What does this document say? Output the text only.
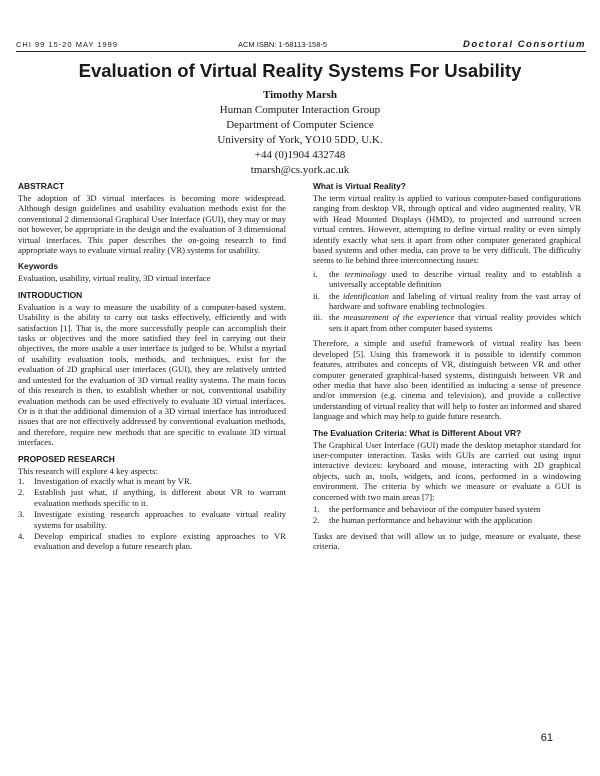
CHI 99 15-20 MAY 1999	ACM ISBN: 1-58113-158-5	Doctoral Consortium
Evaluation of Virtual Reality Systems For Usability
Timothy Marsh
Human Computer Interaction Group
Department of Computer Science
University of York, YO10 5DD, U.K.
+44 (0)1904 432748
tmarsh@cs.york.ac.uk
ABSTRACT

The adoption of 3D virtual interfaces is becoming more widespread. Although design guidelines and usability evaluation methods exist for the conventional 2 dimensional Graphical User Interface (GUI), they may or may not however, be appropriate in the design and the evaluation of 3 dimensional virtual interfaces. This paper describes the on-going research to find appropriate ways to evaluate virtual reality (VR) systems for usability.

Keywords

Evaluation, usability, virtual reality, 3D virtual interface

INTRODUCTION

Evaluation is a way to measure the usability of a computer-based system. Usability is the ability to carry out tasks effectively, efficiently and with satisfaction [1]. That is, the more successfully people can accomplish their tasks or objectives and the more satisfied they feel in carrying out their objectives, the more usable a user interface is judged to be. Whilst a myriad of usability evaluation tools, methods, and techniques, exist for the evaluation of 2D graphical user interfaces (GUI), they are relatively untried and untested for the evaluation of 3D virtual reality systems. The main focus of this research is then, to establish whether or not, conventional usability evaluation methods can be used effectively to evaluate 3D virtual interfaces. Or is it that the additional dimension of a 3D virtual interface has introduced issues that are not effectively addressed by conventional evaluation methods, and therefore, require new methods that are specific to evaluate 3D virtual interfaces.

PROPOSED RESEARCH
This research will explore 4 key aspects:
1. Investigation of exactly what is meant by VR.
2. Establish just what, if anything, is different about VR to warrant evaluation methods specific to it.
3. Investigate existing research approaches to evaluate virtual reality systems for usability.
4. Develop empirical studies to explore existing approaches to VR evaluation and develop a future research plan.
What is Virtual Reality?

The term virtual reality is applied to various computer-based configurations ranging from desktop VR, through optical and video augmented reality, VR with Head Mounted Displays (HMD), to projected and surround screen virtual centres. However, attempting to define virtual reality or even simply identify exactly what sets it apart from other computer generated graphical based systems and other media, can prove to be very difficult. The difficulty seems to lie behind three interconnecting issues:

i. the terminology used to describe virtual reality and to establish a universally acceptable definition
ii. the identification and labeling of virtual reality from the vast array of hardware and software enabling technologies
iii. the measurement of the experience that virtual reality provides which sets it apart from other computer based systems

Therefore, a simple and useful framework of virtual reality has been developed [5]. Using this framework it is possible to identify common features, attributes and concepts of VR, distinguish between VR and other computer generated graphical-based systems, distinguish between VR and other media that have also been identified as inducing a sense of presence and/or immersion (e.g. cinema and television), and provide a collective understanding of virtual reality that will help to foster an informed and shared language and which may help to guide future research.

The Evaluation Criteria: What is Different About VR?

The Graphical User Interface (GUI) made the desktop metaphor standard for user-computer interaction. Tasks with GUIs are carried out using input interactive devices: keyboard and mouse, interacting with 2D graphical objects, such as, tools, widgets, and icons, performed in a windowing environment. The criteria by which we measure or evaluate a GUI is concerned with two main areas [7]:

1. the performance and behaviour of the computer based system
2. the human performance and behaviour with the application

Tasks are devised that will allow us to judge, measure or evaluate, these criteria.

61
